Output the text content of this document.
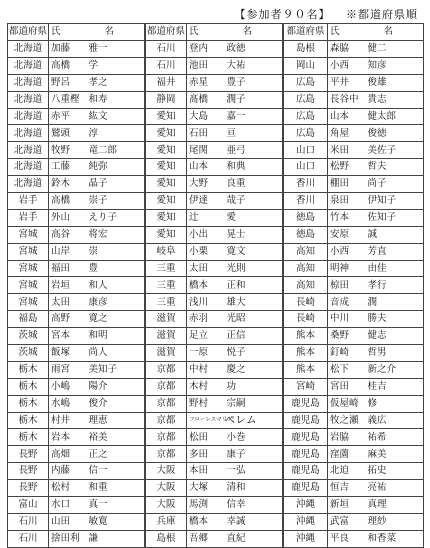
【参加者９０名】 ※都道府県順
都道府県	氏	名
北海道	加藤	雅一
北海道	高橋	学
北海道	野呂	孝之
北海道	八重樫	和寿
北海道	赤平	紘文
北海道	鷲頭	淳
北海道	牧野	竜二郎
北海道	工藤	純弥
北海道	鈴木	晶子
岩手	高橋	崇子
岩手	外山	えり子
宮城	高谷	将宏
宮城	山岸	崇
宮城	福田	豊
宮城	岩垣	和人
宮城	太田	康彦
福島	高野	寛之
茨城	宮本	和明
茨城	飯塚	尚人
栃木	雨宮	美知子
栃木	小嶋	陽介
栃木	水嶋	俊介
栃木	村井	理恵
栃木	岩本	裕美
長野	高畑	正之
長野	内藤	信一
長野	松村	和重
富山	水口	真一
石川	山田	敏寛
石川	捨田利	謙
都道府県	氏	名
石川	登内	政徳
石川	池田	大祐
福井	赤星	豊子
静岡	髙橋	潤子
愛知	大島	嘉一
愛知	石田	亘
愛知	尾関	亜弓
愛知	山本	和典
愛知	大野	良重
愛知	伊達	哉子
愛知	辻	愛
愛知	小出	晃士
岐阜	小栗	寛文
三重	太田	光則
三重	橋本	正和
三重	浅川	雄大
滋賀	赤羽	光昭
滋賀	足立	正信
滋賀	一原	悦子
京都	中村	慶之
京都	木村	功
京都	野村	宗嗣
京都	フローレスマリア	ベレム
京都	松田	小巻
京都	多田	康子
大阪	本田	一弘
大阪	大塚	清和
大阪	馬渕	信幸
兵庫	橋本	幸誠
島根	吾郷	直紀
都道府県	氏	名
島根	森脇	健二
岡山	小西	知彦
広島	平井	俊雄
広島	長谷中	貴志
広島	山本	健太郎
広島	角屋	俊徳
山口	米田	美佐子
山口	松野	哲夫
香川	棚田	尚子
香川	泉田	伊知子
徳島	竹本	佐知子
徳島	安原	誠
高知	小西	芳直
高知	明神	由佳
高知	椋田	孝行
長崎	音成	潤
長崎	中川	勝夫
熊本	桑野	健志
熊本	釘崎	哲男
熊本	松下	新之介
宮崎	宮田	桂吉
鹿児島	仮屋崎	修
鹿児島	牧之瀬	義広
鹿児島	岩脇	祐希
鹿児島	窪薗	麻美
鹿児島	北迫	拓史
鹿児島	恒吉	亮祐
沖縄	新垣	真理
沖縄	武富	理紗
沖縄	平良	和香菜
